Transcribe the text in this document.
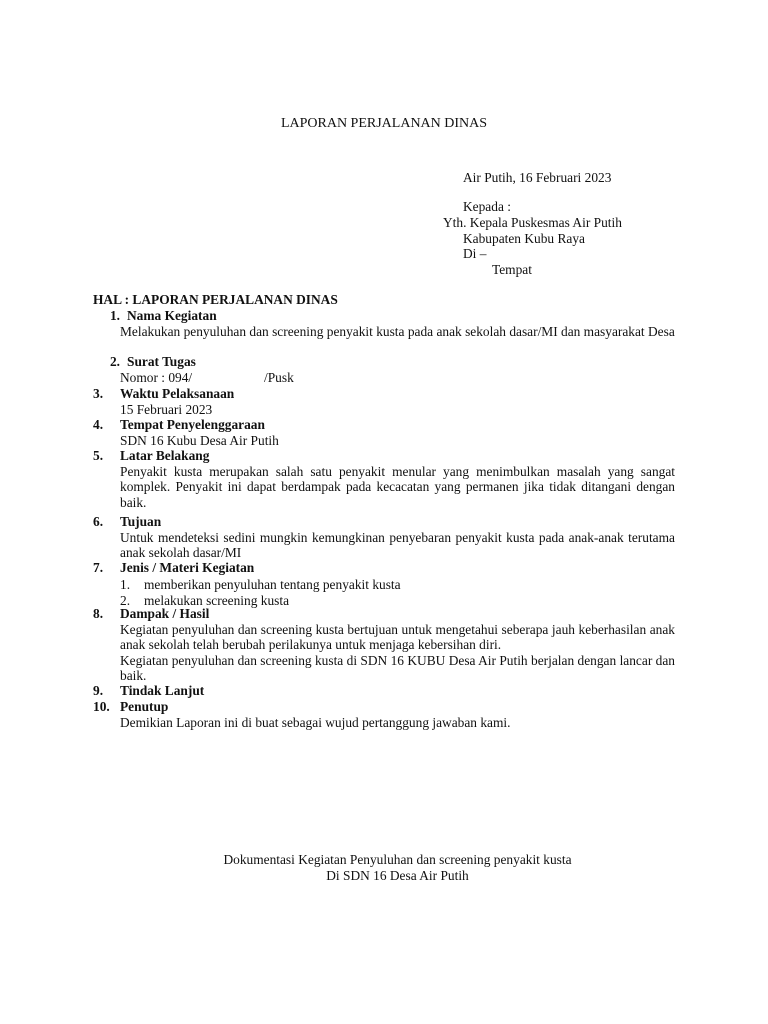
LAPORAN PERJALANAN DINAS
Air Putih, 16 Februari 2023
Kepada :
Yth. Kepala Puskesmas Air Putih
Kabupaten Kubu Raya
Di –
Tempat
HAL : LAPORAN PERJALANAN DINAS
1. Nama Kegiatan

Melakukan penyuluhan dan screening penyakit kusta pada anak sekolah dasar/MI dan masyarakat Desa

2. Surat Tugas
Nomor : 094/	/Pusk
3.	Waktu Pelaksanaan

15 Februari 2023

4.	Tempat Penyelenggaraan

SDN 16 Kubu Desa Air Putih

5.	Latar Belakang

Penyakit kusta merupakan salah satu penyakit menular yang menimbulkan masalah yang sangat komplek. Penyakit ini dapat berdampak pada kecacatan yang permanen jika tidak ditangani dengan baik.

6.	Tujuan

Untuk mendeteksi sedini mungkin kemungkinan penyebaran penyakit kusta pada anak-anak terutama anak sekolah dasar/MI

7.	Jenis / Materi Kegiatan
1.	memberikan penyuluhan tentang penyakit kusta
2.	melakukan screening kusta
8.	Dampak / Hasil

Kegiatan penyuluhan dan screening kusta bertujuan untuk mengetahui seberapa jauh keberhasilan anak anak sekolah telah berubah perilakunya untuk menjaga kebersihan diri.

Kegiatan penyuluhan dan screening kusta di SDN 16 KUBU Desa Air Putih berjalan dengan lancar dan baik.

9.	Tindak Lanjut
10. Penutup

Demikian Laporan ini di buat sebagai wujud pertanggung jawaban kami.

Dokumentasi Kegiatan Penyuluhan dan screening penyakit kusta
Di SDN 16 Desa Air Putih
